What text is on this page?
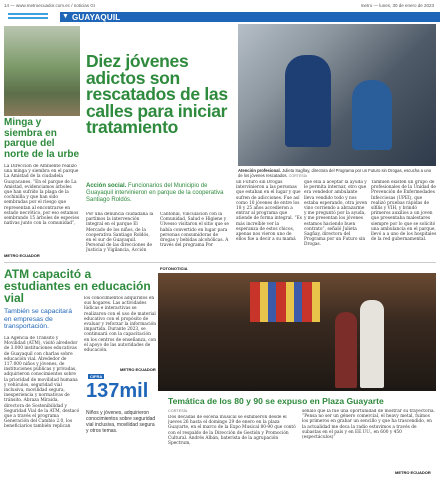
14 — www.metroecuador.com.ec / noticias GI	metro — lunes, 30 de enero de 2023
▼ GUAYAQUIL
Minga y siembra en parque del norte de la urbe

La Dirección de Ambiente realizó una minga y siembra en el parque La Amistad de la ciudadela Guayacanes. “En el parque de La Amistad, evidenciamos árboles que han sufrido la plaga de la cochinilla y que han sido sembradas por el riesgo que representan al encontrarse en estado necrótico, por eso estamos sembrando 15 árboles de especies nativas junto con la comunidad”,

METRO ECUADOR
Diez jóvenes adictos son rescatados de las calles para iniciar tratamiento

Atención profesional. Julieta Sagñay, directora del Programa por un Futuro sin Drogas, escucha a uno de los jóvenes rescatados. CORTESÍA

Acción social. Funcionarios del Municipio de Guayaquil intervinieron en parque de la cooperativa Santiago Roldós.

Por una denuncia ciudadana la partimos la intervención integral en el parque El Mercado de los niños, de la cooperativa Santiago Roldós, en el sur de Guayaquil. Personal de las direcciones de Justicia y Vigilancia, Acción

Cantonal, Vinculación con la Comunidad, Salud e Higiene y Ulvesso visitaron el sitio que se había convertido en lugar para personas consumidoras de drogas y bebidas alcohólicas. A través del programa Por

un Futuro sin Drogas intervinieron a las personas que estaban en el lugar y que sufren de adicciones. Fue así como 10 jóvenes de entre los 18 y 25 años accedieron a entrar al programa que atiende de forma integral. “Es más increíble ver la esperanza de estos chicos, apenas nos vieron uno de ellos fue a decir a su mamá

que ella a aceptar la ayuda y le permita internar, otro que era vendedor ambulante lleva vendido todo y nos estaba esperando, otra joven vino corriendo a abrazarme y me preguntó por la ayuda, y me presentan los jóvenes estamos haciendo buen contrato”, señaló Julieta Sagñay, directora del Programa por un Futuro sin Drogas.

También existen un grupo de profesionales de la Unidad de Prevención de Enfermedades Infecciosas (UPEI), que realizó pruebas rápidas de sífilis y VIH, y brindó primeros auxilios a un joven que presentaba malestares siempre por lo que se solicitó una ambulancia en el parque, llevó a a uno de los hospitales de la red gubernamental.

ATM capacitó a estudiantes en educación vial

También se capacitará en empresas de transportación.

La Agencia de Tránsito y Movilidad (ATM), visitó alrededor de 3.000 instituciones educativas de Guayaquil con charlas sobre educación vial. Alrededor de 117.000 niños y jóvenes, de instituciones públicas y privadas, adquirieron conocimientos sobre la prioridad de movilidad humana y vehículos, seguridad vial inclusiva, movilidad segura, inexperiencia y normativas de tránsito. Abraza Miraida, directora de Sostenibilidad y Seguridad Vial de la ATM, destacó que a través el programa Generación del Cambio 2.0, los beneficiarios también replican

los conocimientos adquiridos en sus hogares. Las actividades lúdicas e interactivas se realizaron con el uso de material educativo con el propósito de evaluar y reforzar la información impartida. Durante 2023, se continuará con la capacitación en los centros de enseñanza, con el apoyo de las autoridades de educación.

METRO ECUADOR
CIFRA
137mil

Niños y jóvenes, adquirieron conocimientos sobre seguridad vial inclusiva, movilidad segura y otros temas.

FOTONOTICIA
Temática de los 80 y 90 se expuso en Plaza Guayarte
CORTESÍA

Dos décadas de escena musical se exhibieron desde el jueves 26 hasta el domingo 29 de enero en la plaza Guayarte, en el marco de la Expo Musical 80-90 que contó con el respaldo de la Dirección de Gestión y Promoción Cultural. Andrés Albán, baterista de la agrupación Spectrum,

señaló que la fue una oportunidad de mostrar su trayectoria. “Pensa no ser un género comercial, el heavy metal, fuimos los primeros en grabar un sencillo y que ha trascendido, en la actualidad me deca la radio estuvimos a través de subastas en el país y en EE.UU., en 600 y 450 (espectáculos)”

METRO ECUADOR
